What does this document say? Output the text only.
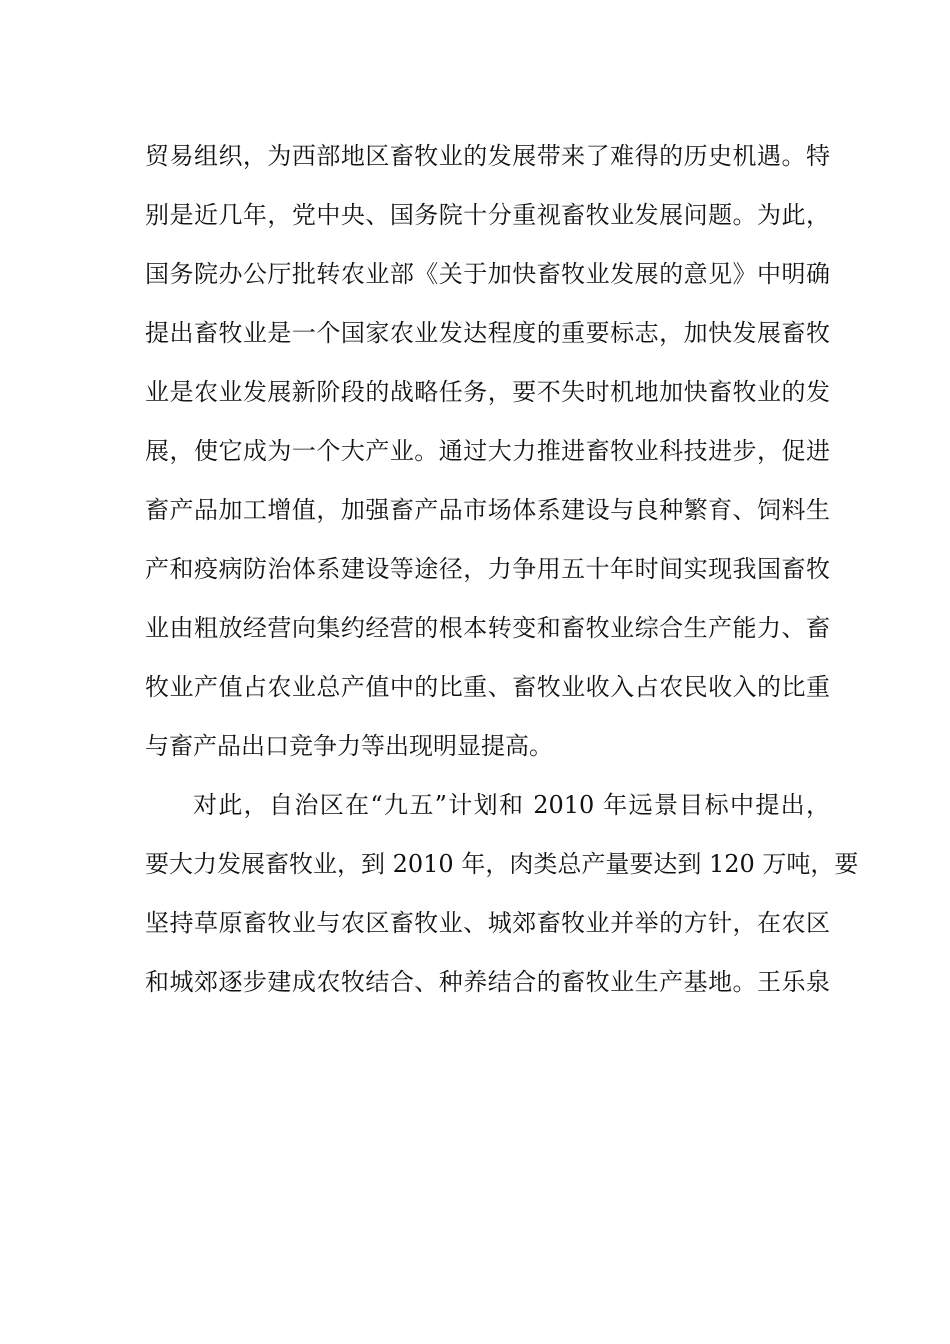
贸易组织，为西部地区畜牧业的发展带来了难得的历史机遇。特
别是近几年，党中央、国务院十分重视畜牧业发展问题。为此，
国务院办公厅批转农业部《关于加快畜牧业发展的意见》中明确
提出畜牧业是一个国家农业发达程度的重要标志，加快发展畜牧
业是农业发展新阶段的战略任务，要不失时机地加快畜牧业的发
展，使它成为一个大产业。通过大力推进畜牧业科技进步，促进
畜产品加工增值，加强畜产品市场体系建设与良种繁育、饲料生
产和疫病防治体系建设等途径，力争用五十年时间实现我国畜牧
业由粗放经营向集约经营的根本转变和畜牧业综合生产能力、畜
牧业产值占农业总产值中的比重、畜牧业收入占农民收入的比重
与畜产品出口竞争力等出现明显提高。
对此，自治区在“九五”计划和 2010 年远景目标中提出，
要大力发展畜牧业，到 2010 年，肉类总产量要达到 120 万吨，要
坚持草原畜牧业与农区畜牧业、城郊畜牧业并举的方针，在农区
和城郊逐步建成农牧结合、种养结合的畜牧业生产基地。王乐泉
